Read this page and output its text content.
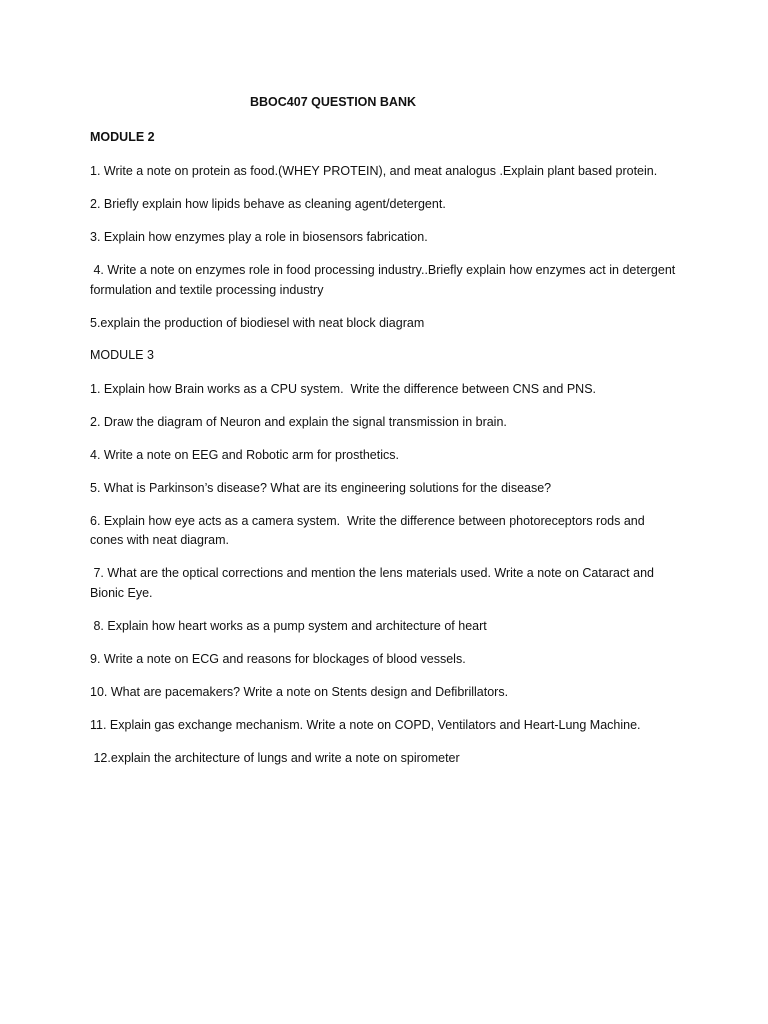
BBOC407 QUESTION BANK
MODULE 2
1. Write a note on protein as food.(WHEY PROTEIN), and meat analogus .Explain plant based protein.
2. Briefly explain how lipids behave as cleaning agent/detergent.
3. Explain how enzymes play a role in biosensors fabrication.
4. Write a note on enzymes role in food processing industry..Briefly explain how enzymes act in detergent formulation and textile processing industry
5.explain the production of biodiesel with neat block diagram
MODULE 3
1. Explain how Brain works as a CPU system.  Write the difference between CNS and PNS.
2. Draw the diagram of Neuron and explain the signal transmission in brain.
4. Write a note on EEG and Robotic arm for prosthetics.
5. What is Parkinson’s disease? What are its engineering solutions for the disease?
6. Explain how eye acts as a camera system.  Write the difference between photoreceptors rods and cones with neat diagram.
7. What are the optical corrections and mention the lens materials used. Write a note on Cataract and Bionic Eye.
8. Explain how heart works as a pump system and architecture of heart
9. Write a note on ECG and reasons for blockages of blood vessels.
10. What are pacemakers? Write a note on Stents design and Defibrillators.
11. Explain gas exchange mechanism. Write a note on COPD, Ventilators and Heart-Lung Machine.
12.explain the architecture of lungs and write a note on spirometer
